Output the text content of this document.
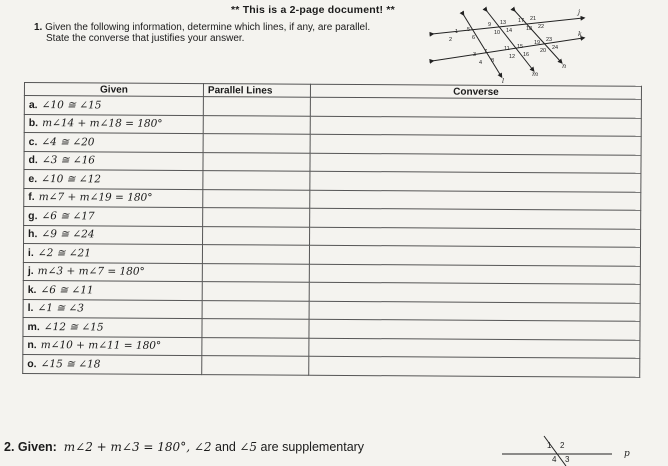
** This is a 2-page document! **
1. Given the following information, determine which lines, if any, are parallel.
State the converse that justifies your answer.
1 5
2	6
9 13
10 14
17 21
18 22
3 7
4 8
11 15
12 16
19 23
20 24
j
k
l
m
n
Given	Parallel Lines	Converse
a. ∠10 ≅ ∠15		
b. m∠14 + m∠18 = 180°		
c. ∠4 ≅ ∠20		
d. ∠3 ≅ ∠16		
e. ∠10 ≅ ∠12		
f. m∠7 + m∠19 = 180°		
g. ∠6 ≅ ∠17		
h. ∠9 ≅ ∠24		
i. ∠2 ≅ ∠21		
j. m∠3 + m∠7 = 180°		
k. ∠6 ≅ ∠11		
l. ∠1 ≅ ∠3		
m. ∠12 ≅ ∠15		
n. m∠10 + m∠11 = 180°		
o. ∠15 ≅ ∠18		
2. Given: m∠2 + m∠3 = 180°, ∠2 and ∠5 are supplementary	1 2
4 3
p
